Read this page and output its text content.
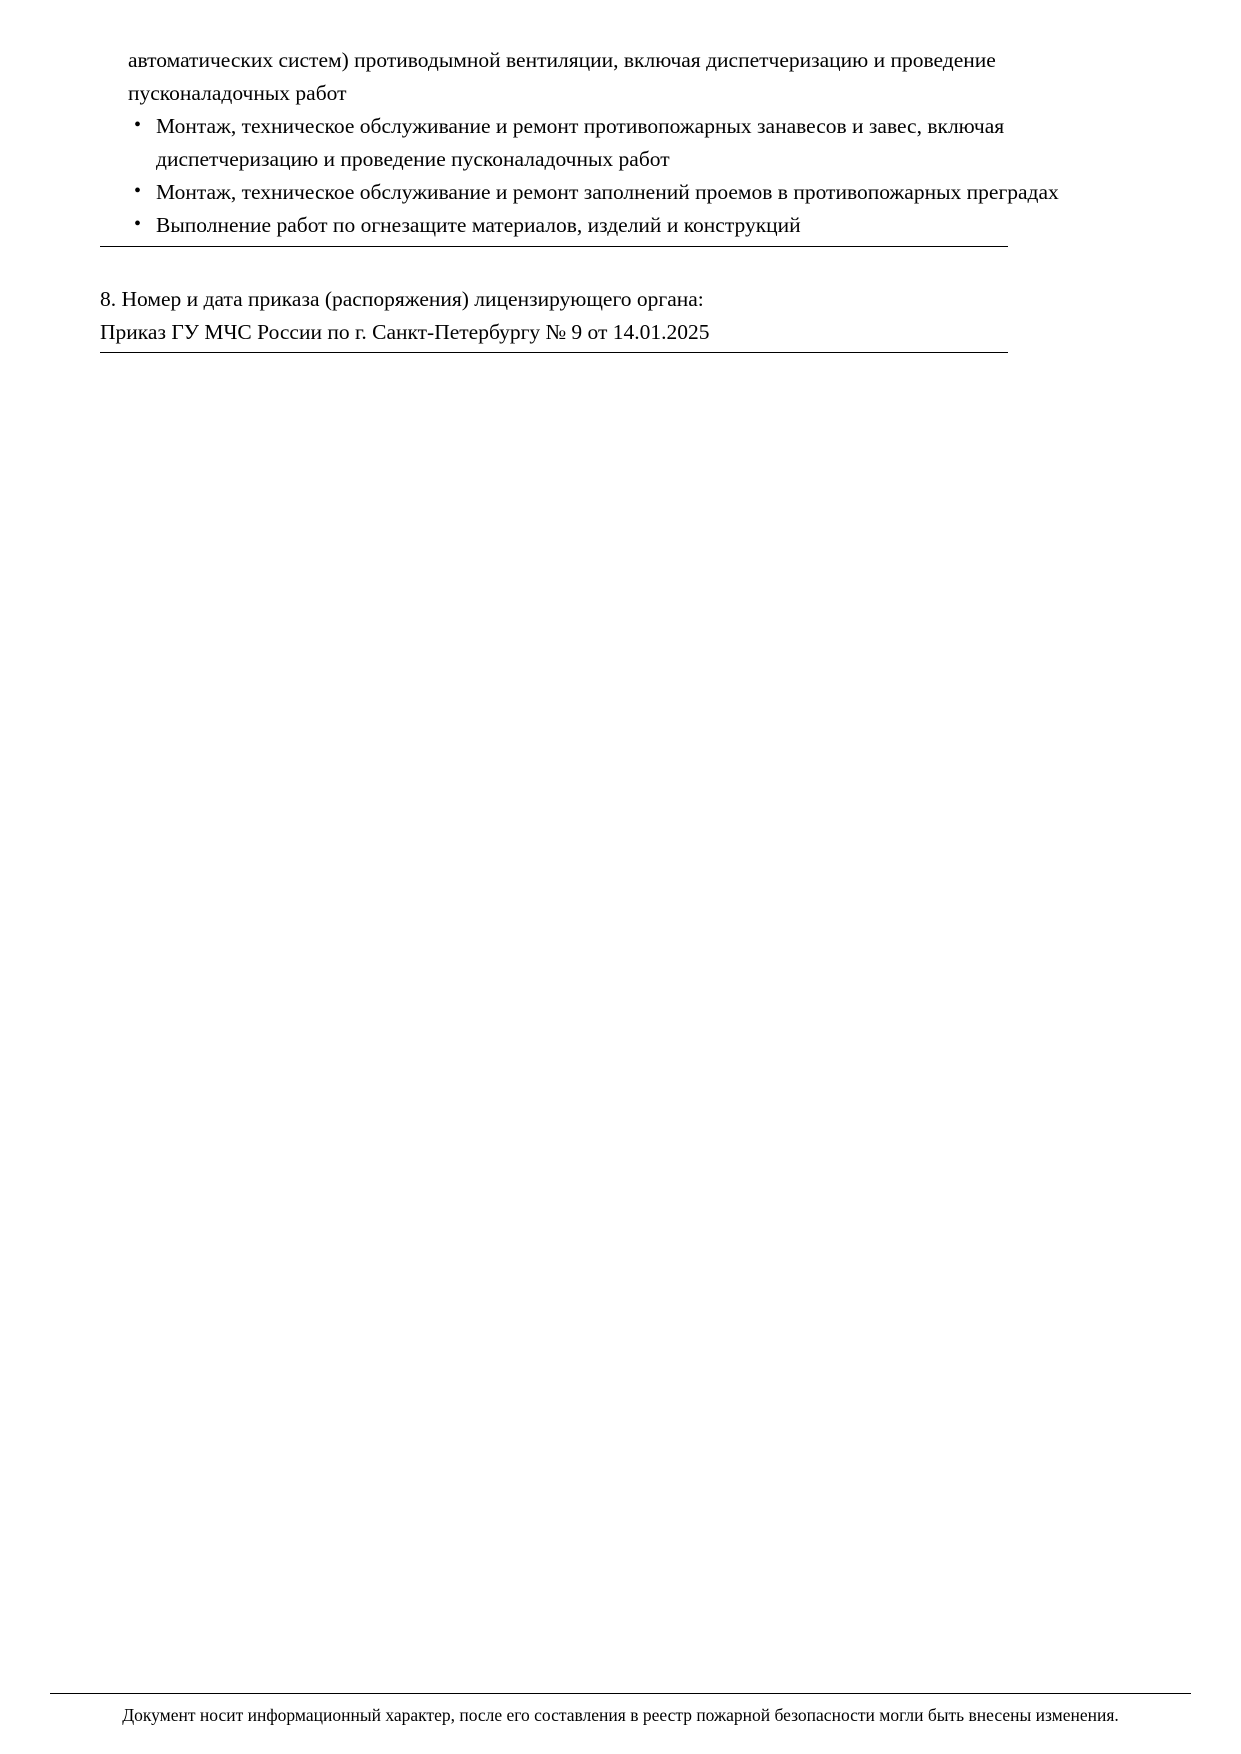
автоматических систем) противодымной вентиляции, включая диспетчеризацию и проведение пусконаладочных работ
• Монтаж, техническое обслуживание и ремонт противопожарных занавесов и завес, включая диспетчеризацию и проведение пусконаладочных работ
• Монтаж, техническое обслуживание и ремонт заполнений проемов в противопожарных преградах
• Выполнение работ по огнезащите материалов, изделий и конструкций
8. Номер и дата приказа (распоряжения) лицензирующего органа:
Приказ ГУ МЧС России по г. Санкт-Петербургу № 9 от 14.01.2025
Документ носит информационный характер, после его составления в реестр пожарной безопасности могли быть внесены изменения.
